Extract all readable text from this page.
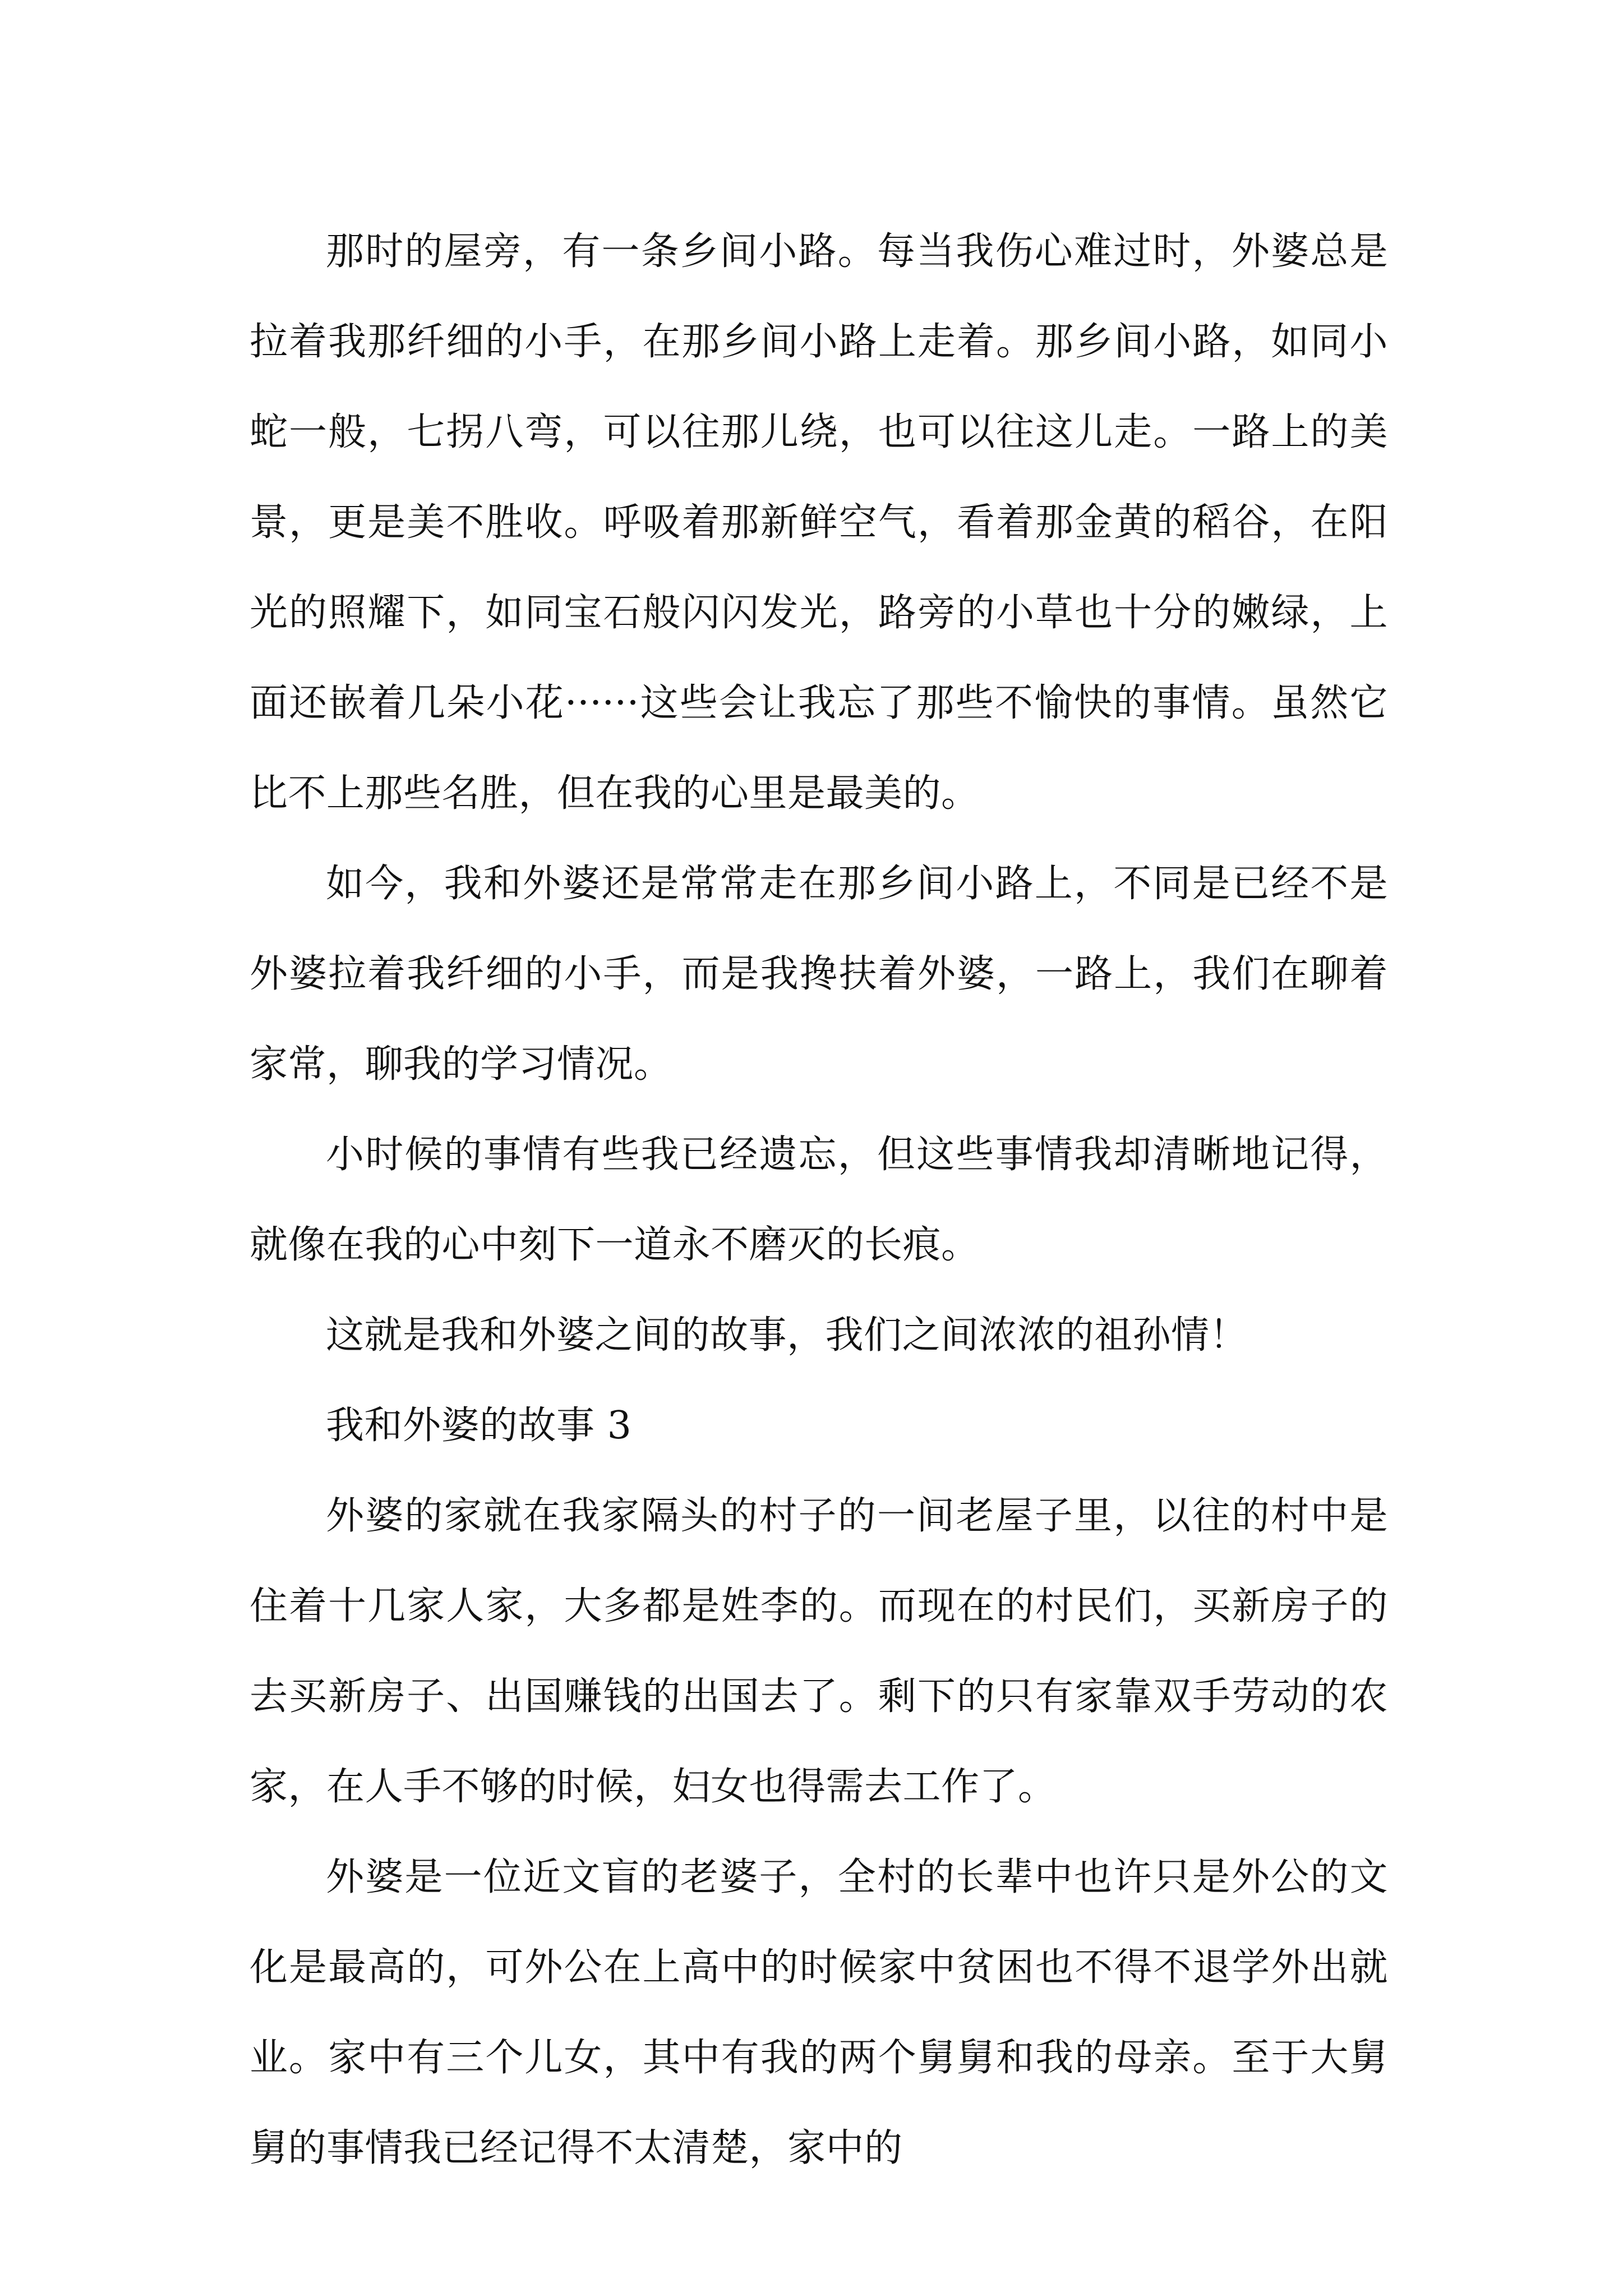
那时的屋旁，有一条乡间小路。每当我伤心难过时，外婆总是拉着我那纤细的小手，在那乡间小路上走着。那乡间小路，如同小蛇一般，七拐八弯，可以往那儿绕，也可以往这儿走。一路上的美景，更是美不胜收。呼吸着那新鲜空气，看着那金黄的稻谷，在阳光的照耀下，如同宝石般闪闪发光，路旁的小草也十分的嫩绿，上面还嵌着几朵小花······这些会让我忘了那些不愉快的事情。虽然它比不上那些名胜，但在我的心里是最美的。

如今，我和外婆还是常常走在那乡间小路上，不同是已经不是外婆拉着我纤细的小手，而是我搀扶着外婆，一路上，我们在聊着家常，聊我的学习情况。

小时候的事情有些我已经遗忘，但这些事情我却清晰地记得，就像在我的心中刻下一道永不磨灭的长痕。

这就是我和外婆之间的故事，我们之间浓浓的祖孙情！

我和外婆的故事 3

外婆的家就在我家隔头的村子的一间老屋子里，以往的村中是住着十几家人家，大多都是姓李的。而现在的村民们，买新房子的去买新房子、出国赚钱的出国去了。剩下的只有家靠双手劳动的农家，在人手不够的时候，妇女也得需去工作了。

外婆是一位近文盲的老婆子，全村的长辈中也许只是外公的文化是最高的，可外公在上高中的时候家中贫困也不得不退学外出就业。家中有三个儿女，其中有我的两个舅舅和我的母亲。至于大舅舅的事情我已经记得不太清楚，家中的
